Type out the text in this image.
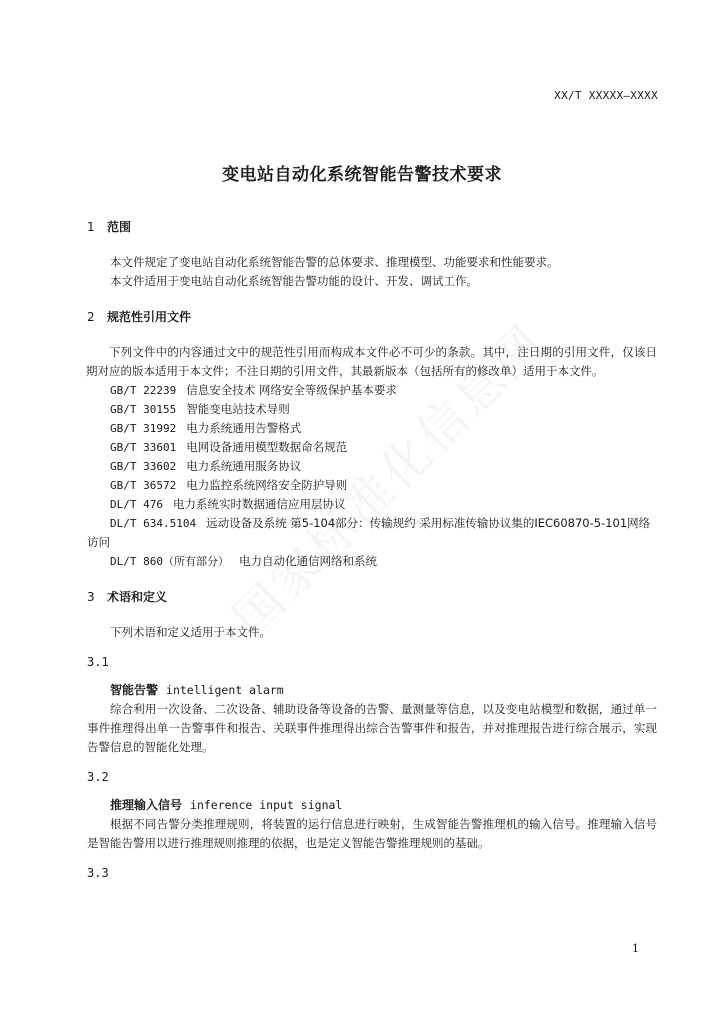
XX/T XXXXX—XXXX
变电站自动化系统智能告警技术要求

1 范围

本文件规定了变电站自动化系统智能告警的总体要求、推理模型、功能要求和性能要求。

本文件适用于变电站自动化系统智能告警功能的设计、开发、调试工作。

2 规范性引用文件

下列文件中的内容通过文中的规范性引用而构成本文件必不可少的条款。其中，注日期的引用文件，仅该日期对应的版本适用于本文件；不注日期的引用文件，其最新版本（包括所有的修改单）适用于本文件。

GB/T 22239 信息安全技术 网络安全等级保护基本要求

GB/T 30155 智能变电站技术导则

GB/T 31992 电力系统通用告警格式

GB/T 33601 电网设备通用模型数据命名规范

GB/T 33602 电力系统通用服务协议

GB/T 36572 电力监控系统网络安全防护导则

DL/T 476 电力系统实时数据通信应用层协议

DL/T 634.5104 远动设备及系统 第5-104部分：传输规约 采用标准传输协议集的IEC60870-5-101网络访问

DL/T 860（所有部分） 电力自动化通信网络和系统

3 术语和定义

下列术语和定义适用于本文件。

3.1

智能告警 intelligent alarm

综合利用一次设备、二次设备、辅助设备等设备的告警、量测量等信息，以及变电站模型和数据，通过单一事件推理得出单一告警事件和报告、关联事件推理得出综合告警事件和报告，并对推理报告进行综合展示，实现告警信息的智能化处理。

3.2

推理输入信号 inference input signal

根据不同告警分类推理规则，将装置的运行信息进行映射，生成智能告警推理机的输入信号。推理输入信号是智能告警用以进行推理规则推理的依据，也是定义智能告警推理规则的基础。

3.3

1
